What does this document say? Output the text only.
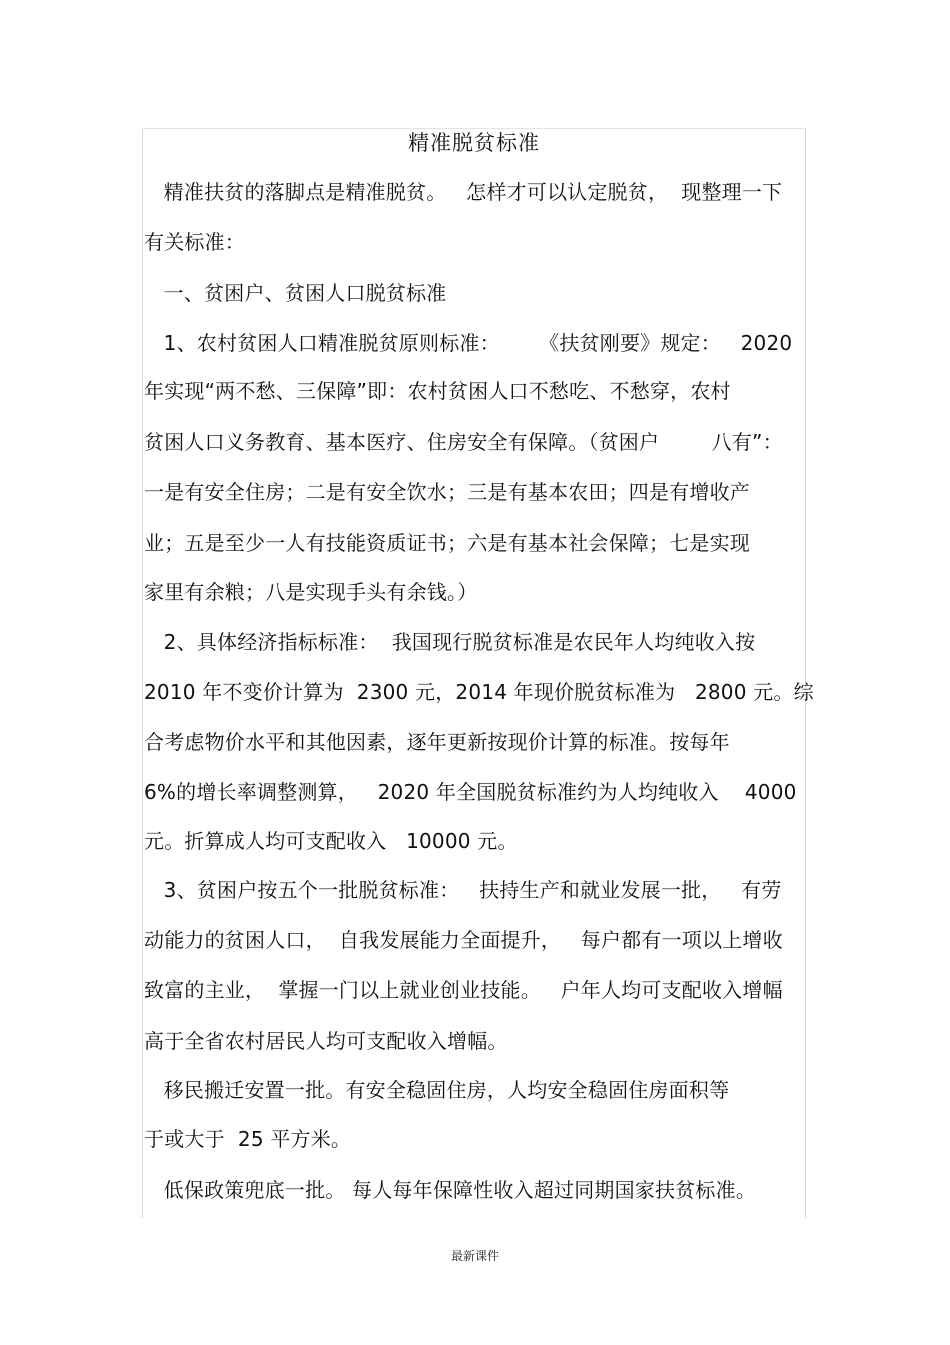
精准脱贫标准
精准扶贫的落脚点是精准脱贫。   怎样才可以认定脱贫，  现整理一下
有关标准：
一、贫困户、贫困人口脱贫标准
1、农村贫困人口精准脱贫原则标准：      《扶贫刚要》规定：   2020
年实现“两不愁、三保障”即：农村贫困人口不愁吃、不愁穿，农村
贫困人口义务教育、基本医疗、住房安全有保障。（贫困户        八有”：
一是有安全住房；二是有安全饮水；三是有基本农田；四是有增收产
业；五是至少一人有技能资质证书；六是有基本社会保障；七是实现
家里有余粮；八是实现手头有余钱。）
2、具体经济指标标准：  我国现行脱贫标准是农民年人均纯收入按
2010 年不变价计算为  2300 元，2014 年现价脱贫标准为   2800 元。综
合考虑物价水平和其他因素，逐年更新按现价计算的标准。按每年
6%的增长率调整测算，   2020 年全国脱贫标准约为人均纯收入    4000
元。折算成人均可支配收入   10000 元。
3、贫困户按五个一批脱贫标准：   扶持生产和就业发展一批，   有劳
动能力的贫困人口，  自我发展能力全面提升，   每户都有一项以上增收
致富的主业，  掌握一门以上就业创业技能。   户年人均可支配收入增幅
高于全省农村居民人均可支配收入增幅。
移民搬迁安置一批。有安全稳固住房，人均安全稳固住房面积等
于或大于  25 平方米。
低保政策兜底一批。 每人每年保障性收入超过同期国家扶贫标准。
最新课件
